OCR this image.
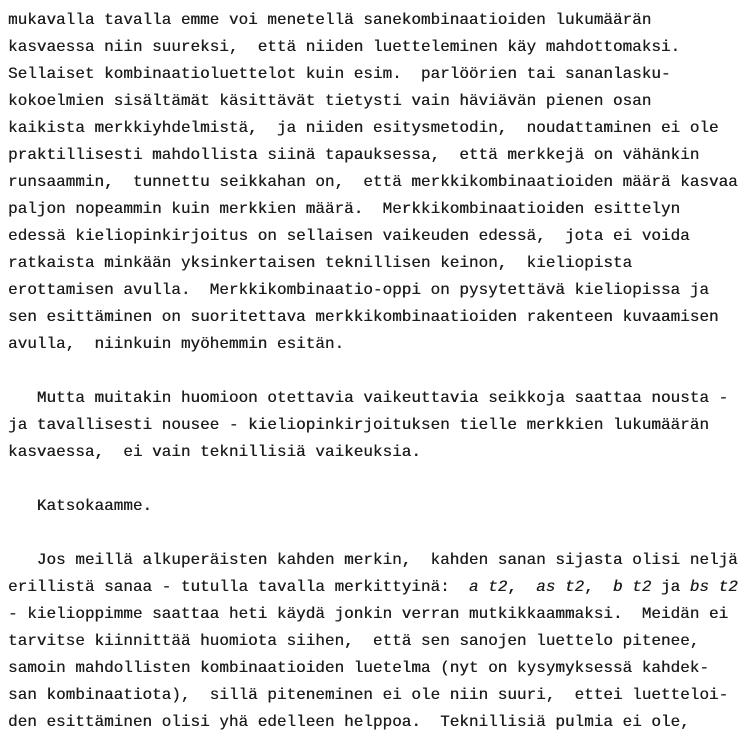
mukavalla tavalla emme voi menetellä sanekombinaatioiden lukumäärän
kasvaessa niin suureksi,  että niiden luetteleminen käy mahdottomaksi.
Sellaiset kombinaatioluettelot kuin esim.  parlöörien tai sananlasku-
kokoelmien sisältämät käsittävät tietysti vain häviävän pienen osan
kaikista merkkiyhdelmistä,  ja niiden esitysmetodin,  noudattaminen ei ole
praktillisesti mahdollista siinä tapauksessa,  että merkkejä on vähänkin
runsaammin,  tunnettu seikkahan on,  että merkkikombinaatioiden määrä kasvaa
paljon nopeammin kuin merkkien määrä.  Merkkikombinaatioiden esittelyn
edessä kieliopinkirjoitus on sellaisen vaikeuden edessä,  jota ei voida
ratkaista minkään yksinkertaisen teknillisen keinon,  kieliopista
erottamisen avulla.  Merkkikombinaatio-oppi on pysytettävä kieliopissa ja
sen esittäminen on suoritettava merkkikombinaatioiden rakenteen kuvaamisen
avulla,  niinkuin myöhemmin esitän.
Mutta muitakin huomioon otettavia vaikeuttavia seikkoja saattaa nousta -
ja tavallisesti nousee - kieliopinkirjoituksen tielle merkkien lukumäärän
kasvaessa,  ei vain teknillisiä vaikeuksia.
Katsokaamme.
Jos meillä alkuperäisten kahden merkin,  kahden sanan sijasta olisi neljä
erillistä sanaa - tutulla tavalla merkittyinä:  a t2,  as t2,  b t2 ja bs t2
- kielioppimme saattaa heti käydä jonkin verran mutkikkaammaksi.  Meidän ei
tarvitse kiinnittää huomiota siihen,  että sen sanojen luettelo pitenee,
samoin mahdollisten kombinaatioiden luetelma (nyt on kysymyksessä kahdek-
san kombinaatiota),  sillä piteneminen ei ole niin suuri,  ettei luetteloi-
den esittäminen olisi yhä edelleen helppoa.  Teknillisiä pulmia ei ole,
